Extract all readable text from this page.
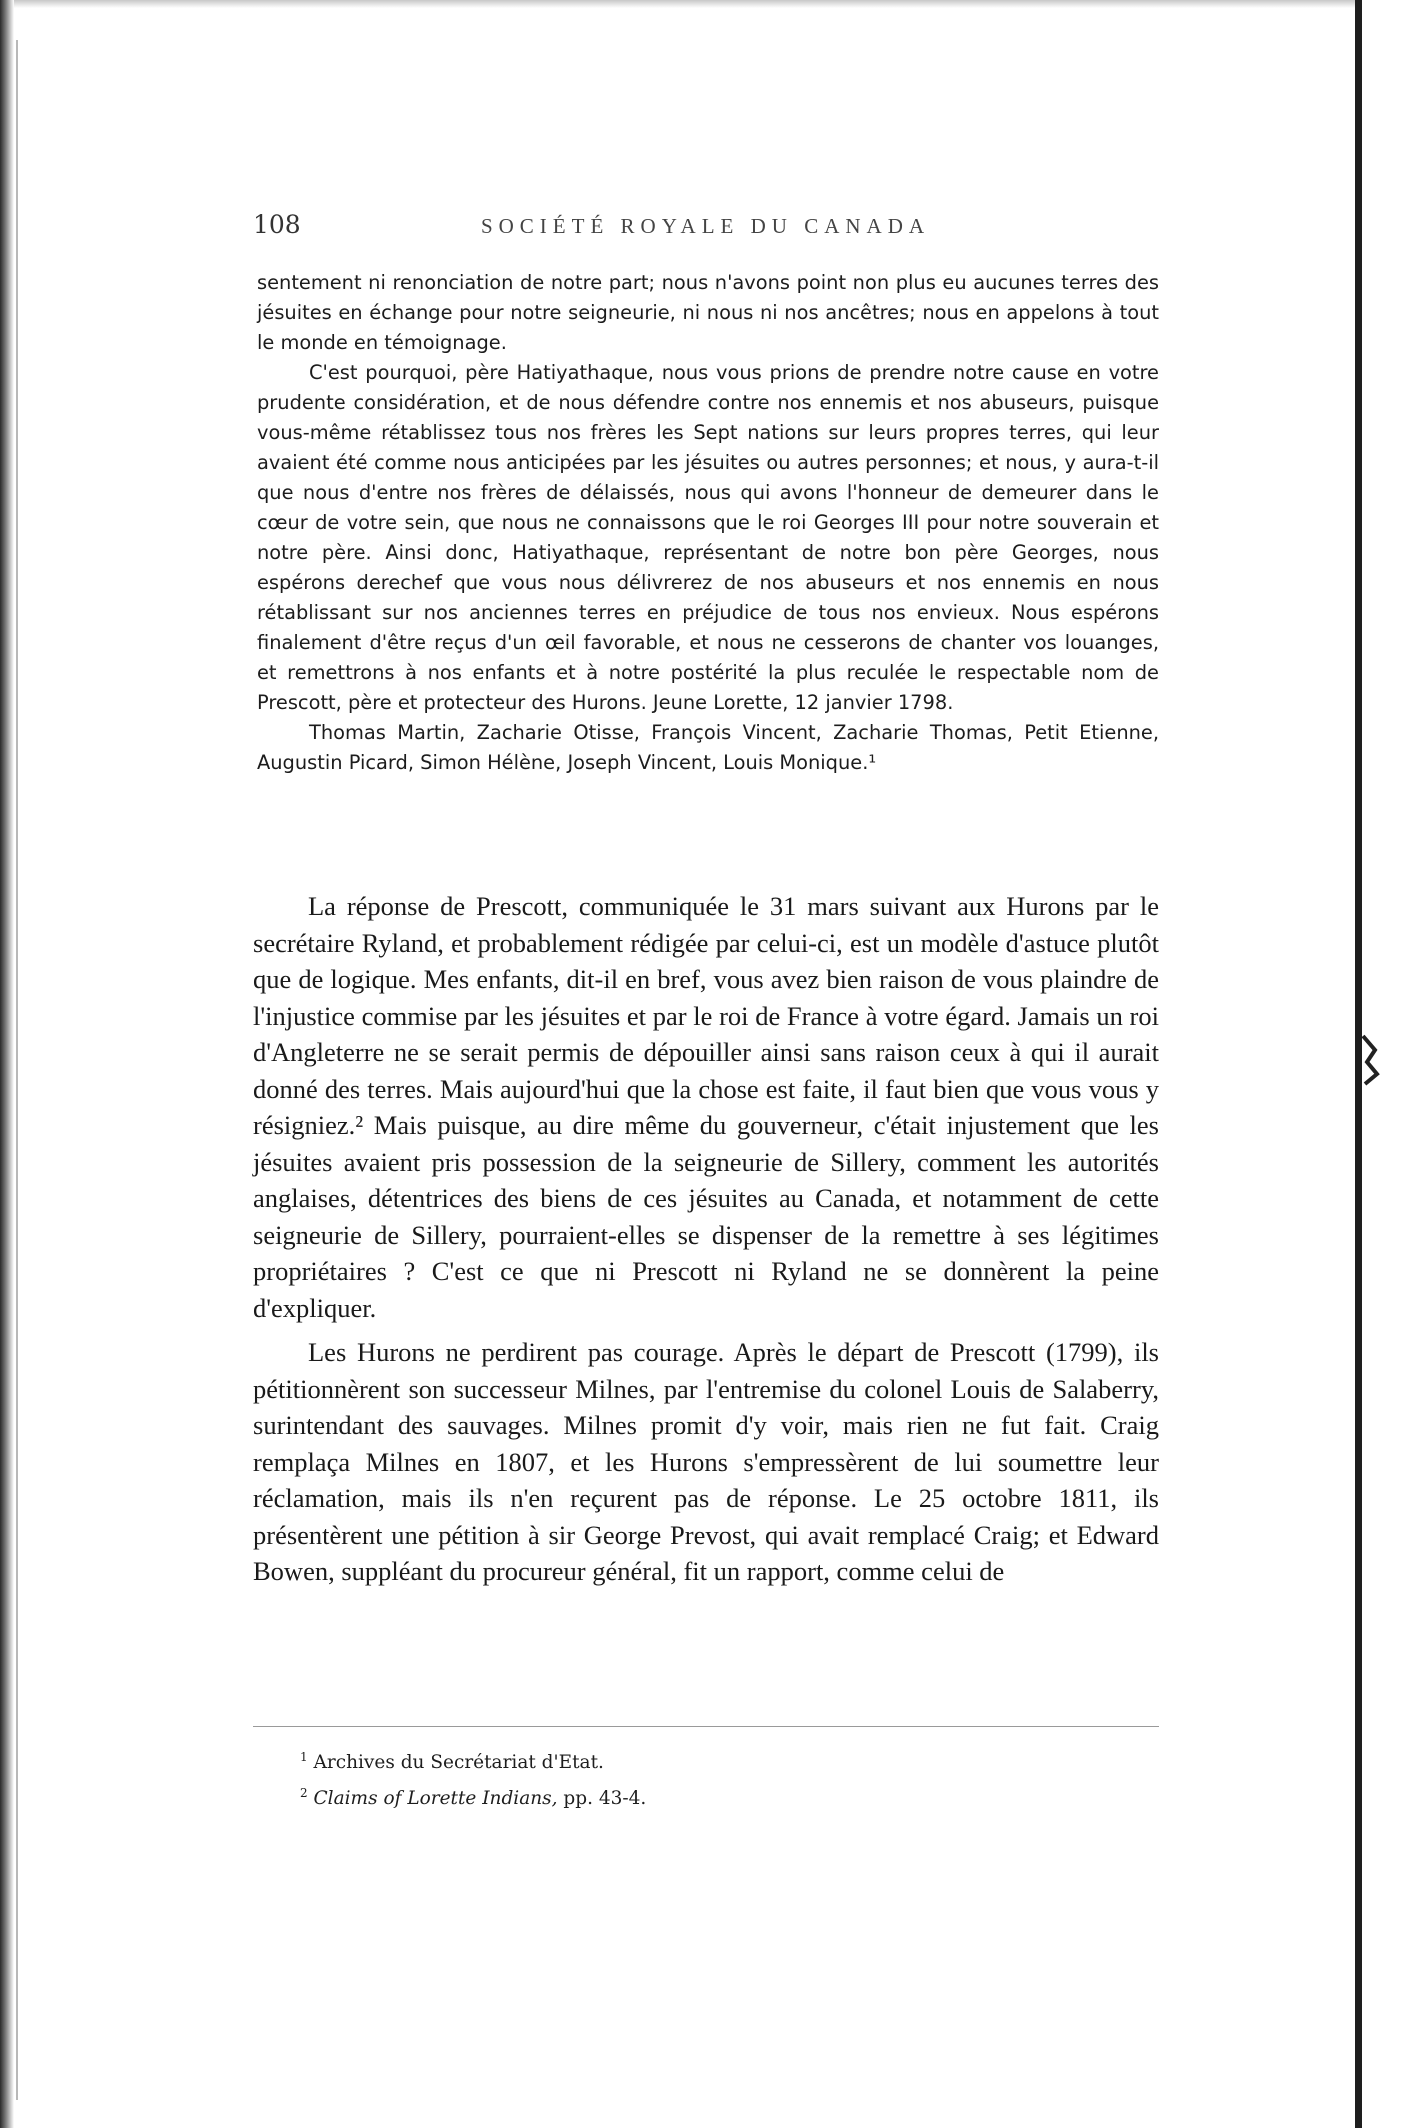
108	SOCIÉTÉ ROYALE DU CANADA

sentement ni renonciation de notre part; nous n'avons point non plus eu aucunes terres des jésuites en échange pour notre seigneurie, ni nous ni nos ancêtres; nous en appelons à tout le monde en témoignage.

C'est pourquoi, père Hatiyathaque, nous vous prions de prendre notre cause en votre prudente considération, et de nous défendre contre nos ennemis et nos abuseurs, puisque vous-même rétablissez tous nos frères les Sept nations sur leurs propres terres, qui leur avaient été comme nous anticipées par les jésuites ou autres personnes; et nous, y aura-t-il que nous d'entre nos frères de délaissés, nous qui avons l'honneur de demeurer dans le cœur de votre sein, que nous ne connaissons que le roi Georges III pour notre souverain et notre père. Ainsi donc, Hatiyathaque, représentant de notre bon père Georges, nous espérons derechef que vous nous délivrerez de nos abuseurs et nos ennemis en nous rétablissant sur nos anciennes terres en préjudice de tous nos envieux. Nous espérons finalement d'être reçus d'un œil favorable, et nous ne cesserons de chanter vos louanges, et remettrons à nos enfants et à notre postérité la plus reculée le respectable nom de Prescott, père et protecteur des Hurons. Jeune Lorette, 12 janvier 1798.

Thomas Martin, Zacharie Otisse, François Vincent, Zacharie Thomas, Petit Etienne, Augustin Picard, Simon Hélène, Joseph Vincent, Louis Monique.¹

La réponse de Prescott, communiquée le 31 mars suivant aux Hurons par le secrétaire Ryland, et probablement rédigée par celui-ci, est un modèle d'astuce plutôt que de logique. Mes enfants, dit-il en bref, vous avez bien raison de vous plaindre de l'injustice commise par les jésuites et par le roi de France à votre égard. Jamais un roi d'Angleterre ne se serait permis de dépouiller ainsi sans raison ceux à qui il aurait donné des terres. Mais aujourd'hui que la chose est faite, il faut bien que vous vous y résigniez.² Mais puisque, au dire même du gouverneur, c'était injustement que les jésuites avaient pris possession de la seigneurie de Sillery, comment les autorités anglaises, détentrices des biens de ces jésuites au Canada, et notamment de cette seigneurie de Sillery, pourraient-elles se dispenser de la remettre à ses légitimes propriétaires ? C'est ce que ni Prescott ni Ryland ne se donnèrent la peine d'expliquer.

Les Hurons ne perdirent pas courage. Après le départ de Prescott (1799), ils pétitionnèrent son successeur Milnes, par l'entremise du colonel Louis de Salaberry, surintendant des sauvages. Milnes promit d'y voir, mais rien ne fut fait. Craig remplaça Milnes en 1807, et les Hurons s'empressèrent de lui soumettre leur réclamation, mais ils n'en reçurent pas de réponse. Le 25 octobre 1811, ils présentèrent une pétition à sir George Prevost, qui avait remplacé Craig; et Edward Bowen, suppléant du procureur général, fit un rapport, comme celui de

$^1$ Archives du Secrétariat d'Etat.
$^2$ Claims of Lorette Indians, pp. 43-4.
